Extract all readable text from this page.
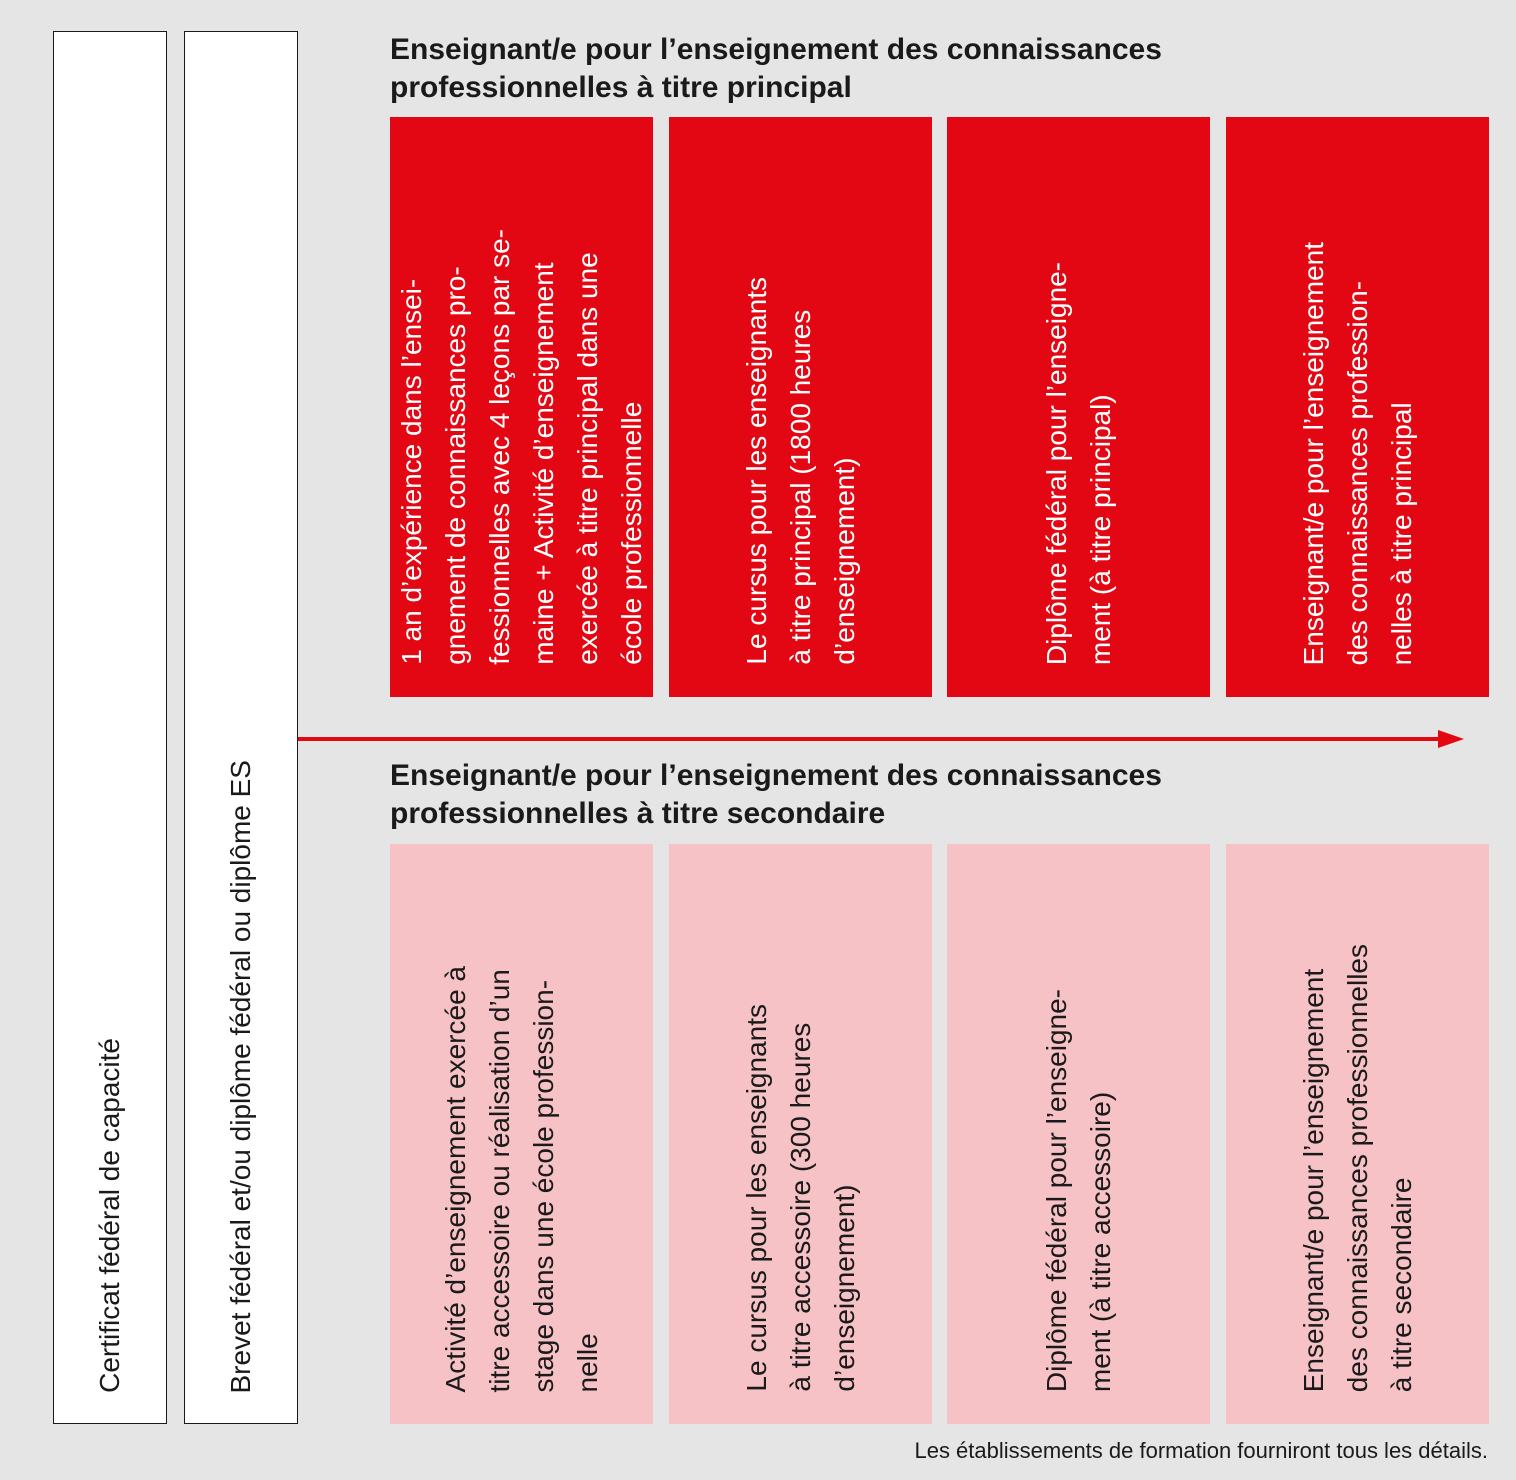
Certificat fédéral de capacité	Brevet fédéral et/ou diplôme fédéral ou diplôme ES
Enseignant/e pour l’enseignement des connaissances
professionnelles à titre principal
1 an d’expérience dans l’ensei-
gnement de connaissances pro-
fessionnelles avec 4 leçons par se-
maine + Activité d’enseignement
exercée à titre principal dans une
école professionnelle
Le cursus pour les enseignants
à titre principal (1800 heures
d’enseignement)	Diplôme fédéral pour l’enseigne-
ment (à titre principal)
Enseignant/e pour l’enseignement
des connaissances profession-
nelles à titre principal
Enseignant/e pour l’enseignement des connaissances
professionnelles à titre secondaire
Activité d’enseignement exercée à
titre accessoire ou réalisation d’un
stage dans une école profession-
nelle	Le cursus pour les enseignants
à titre accessoire (300 heures
d’enseignement)	Diplôme fédéral pour l’enseigne-
ment (à titre accessoire)
Enseignant/e pour l’enseignement
des connaissances professionnelles
à titre secondaire
Les établissements de formation fourniront tous les détails.
